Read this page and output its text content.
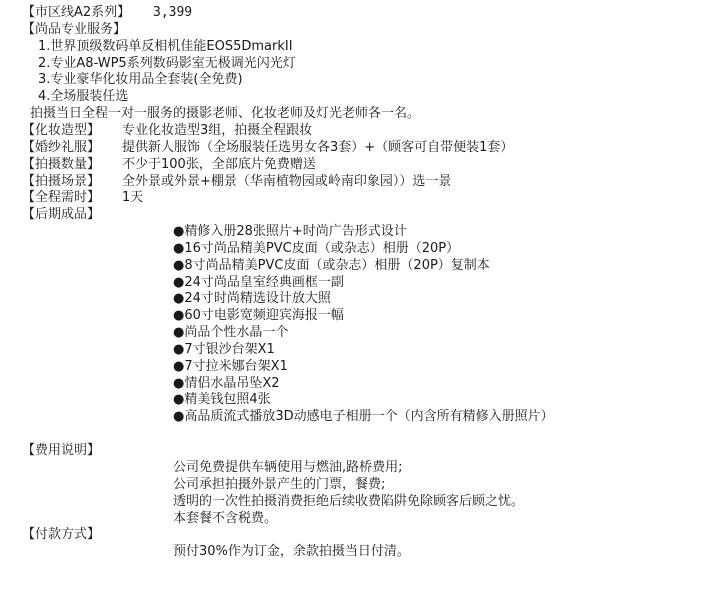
【市区线A2系列】 3,399
【尚品专业服务】
1.世界顶级数码单反相机佳能EOS5DmarkII
2.专业A8-WP5系列数码影室无极调光闪光灯
3.专业豪华化妆用品全套装(全免费)
4.全场服装任选
拍摄当日全程一对一服务的摄影老师、化妆老师及灯光老师各一名。
【化妆造型】 专业化妆造型3组，拍摄全程跟妆
【婚纱礼服】 提供新人服饰（全场服装任选男女各3套）+（顾客可自带便装1套）
【拍摄数量】 不少于100张，全部底片免费赠送
【拍摄场景】 全外景或外景+棚景（华南植物园或岭南印象园））选一景
【全程需时】 1天
【后期成品】
●精修入册28张照片+时尚广告形式设计
●16寸尚品精美PVC皮面（或杂志）相册（20P）
●8寸尚品精美PVC皮面（或杂志）相册（20P）复制本
●24寸尚品皇室经典画框一副
●24寸时尚精选设计放大照
●60寸电影宽频迎宾海报一幅
●尚品个性水晶一个
●7寸银沙台架X1
●7寸拉米娜台架X1
●情侣水晶吊坠X2
●精美钱包照4张
●高品质流式播放3D动感电子相册一个（内含所有精修入册照片）
【费用说明】
公司免费提供车辆使用与燃油,路桥费用;
公司承担拍摄外景产生的门票，餐费;
透明的一次性拍摄消费拒绝后续收费陷阱免除顾客后顾之忧。
本套餐不含税费。
【付款方式】
预付30%作为订金，余款拍摄当日付清。
